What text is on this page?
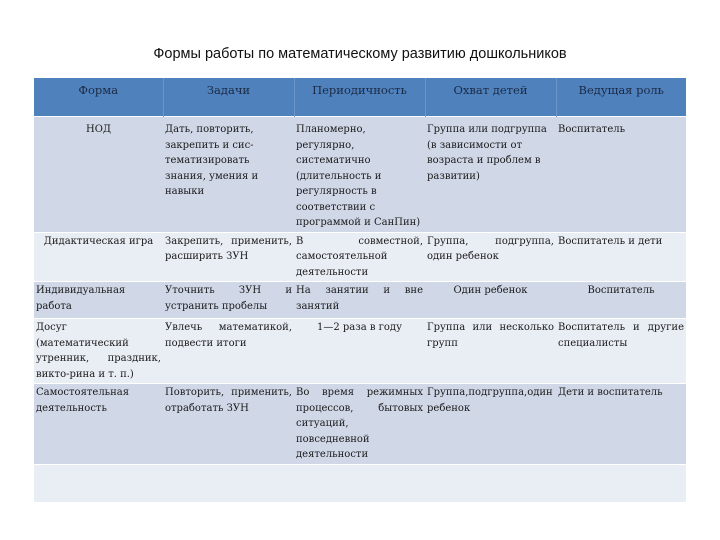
Формы работы по математическому развитию дошкольников
Форма	Задачи	Периодичность	Охват детей	Ведущая роль
НОД	Дать, повторить, закрепить и сис-тематизировать знания, умения и навыки	Планомерно, регулярно, систематично (длительность и регулярность в соответствии с программой и СанПин)	Группа или подгруппа (в зависимости от возраста и проблем в развитии)	Воспитатель
Дидактическая игра	Закрепить, применить, расширить ЗУН	В совместной, самостоятельной деятельности	Группа, подгруппа, один ребенок	Воспитатель и дети
Индивидуальная работа	Уточнить ЗУН и устранить пробелы	На занятии и вне занятий	Один ребенок	Воспитатель
Досуг (математический утренник, праздник, викто-рина и т. п.)	Увлечь математикой, подвести итоги	1—2 раза в году	Группа или несколько групп	Воспитатель и другие специалисты
Самостоятельная деятельность	Повторить, применить, отработать ЗУН	Во время режимных процессов, бытовых ситуаций, повседневной деятельности	Группа,подгруппа,один ребенок	Дети и воспитатель
